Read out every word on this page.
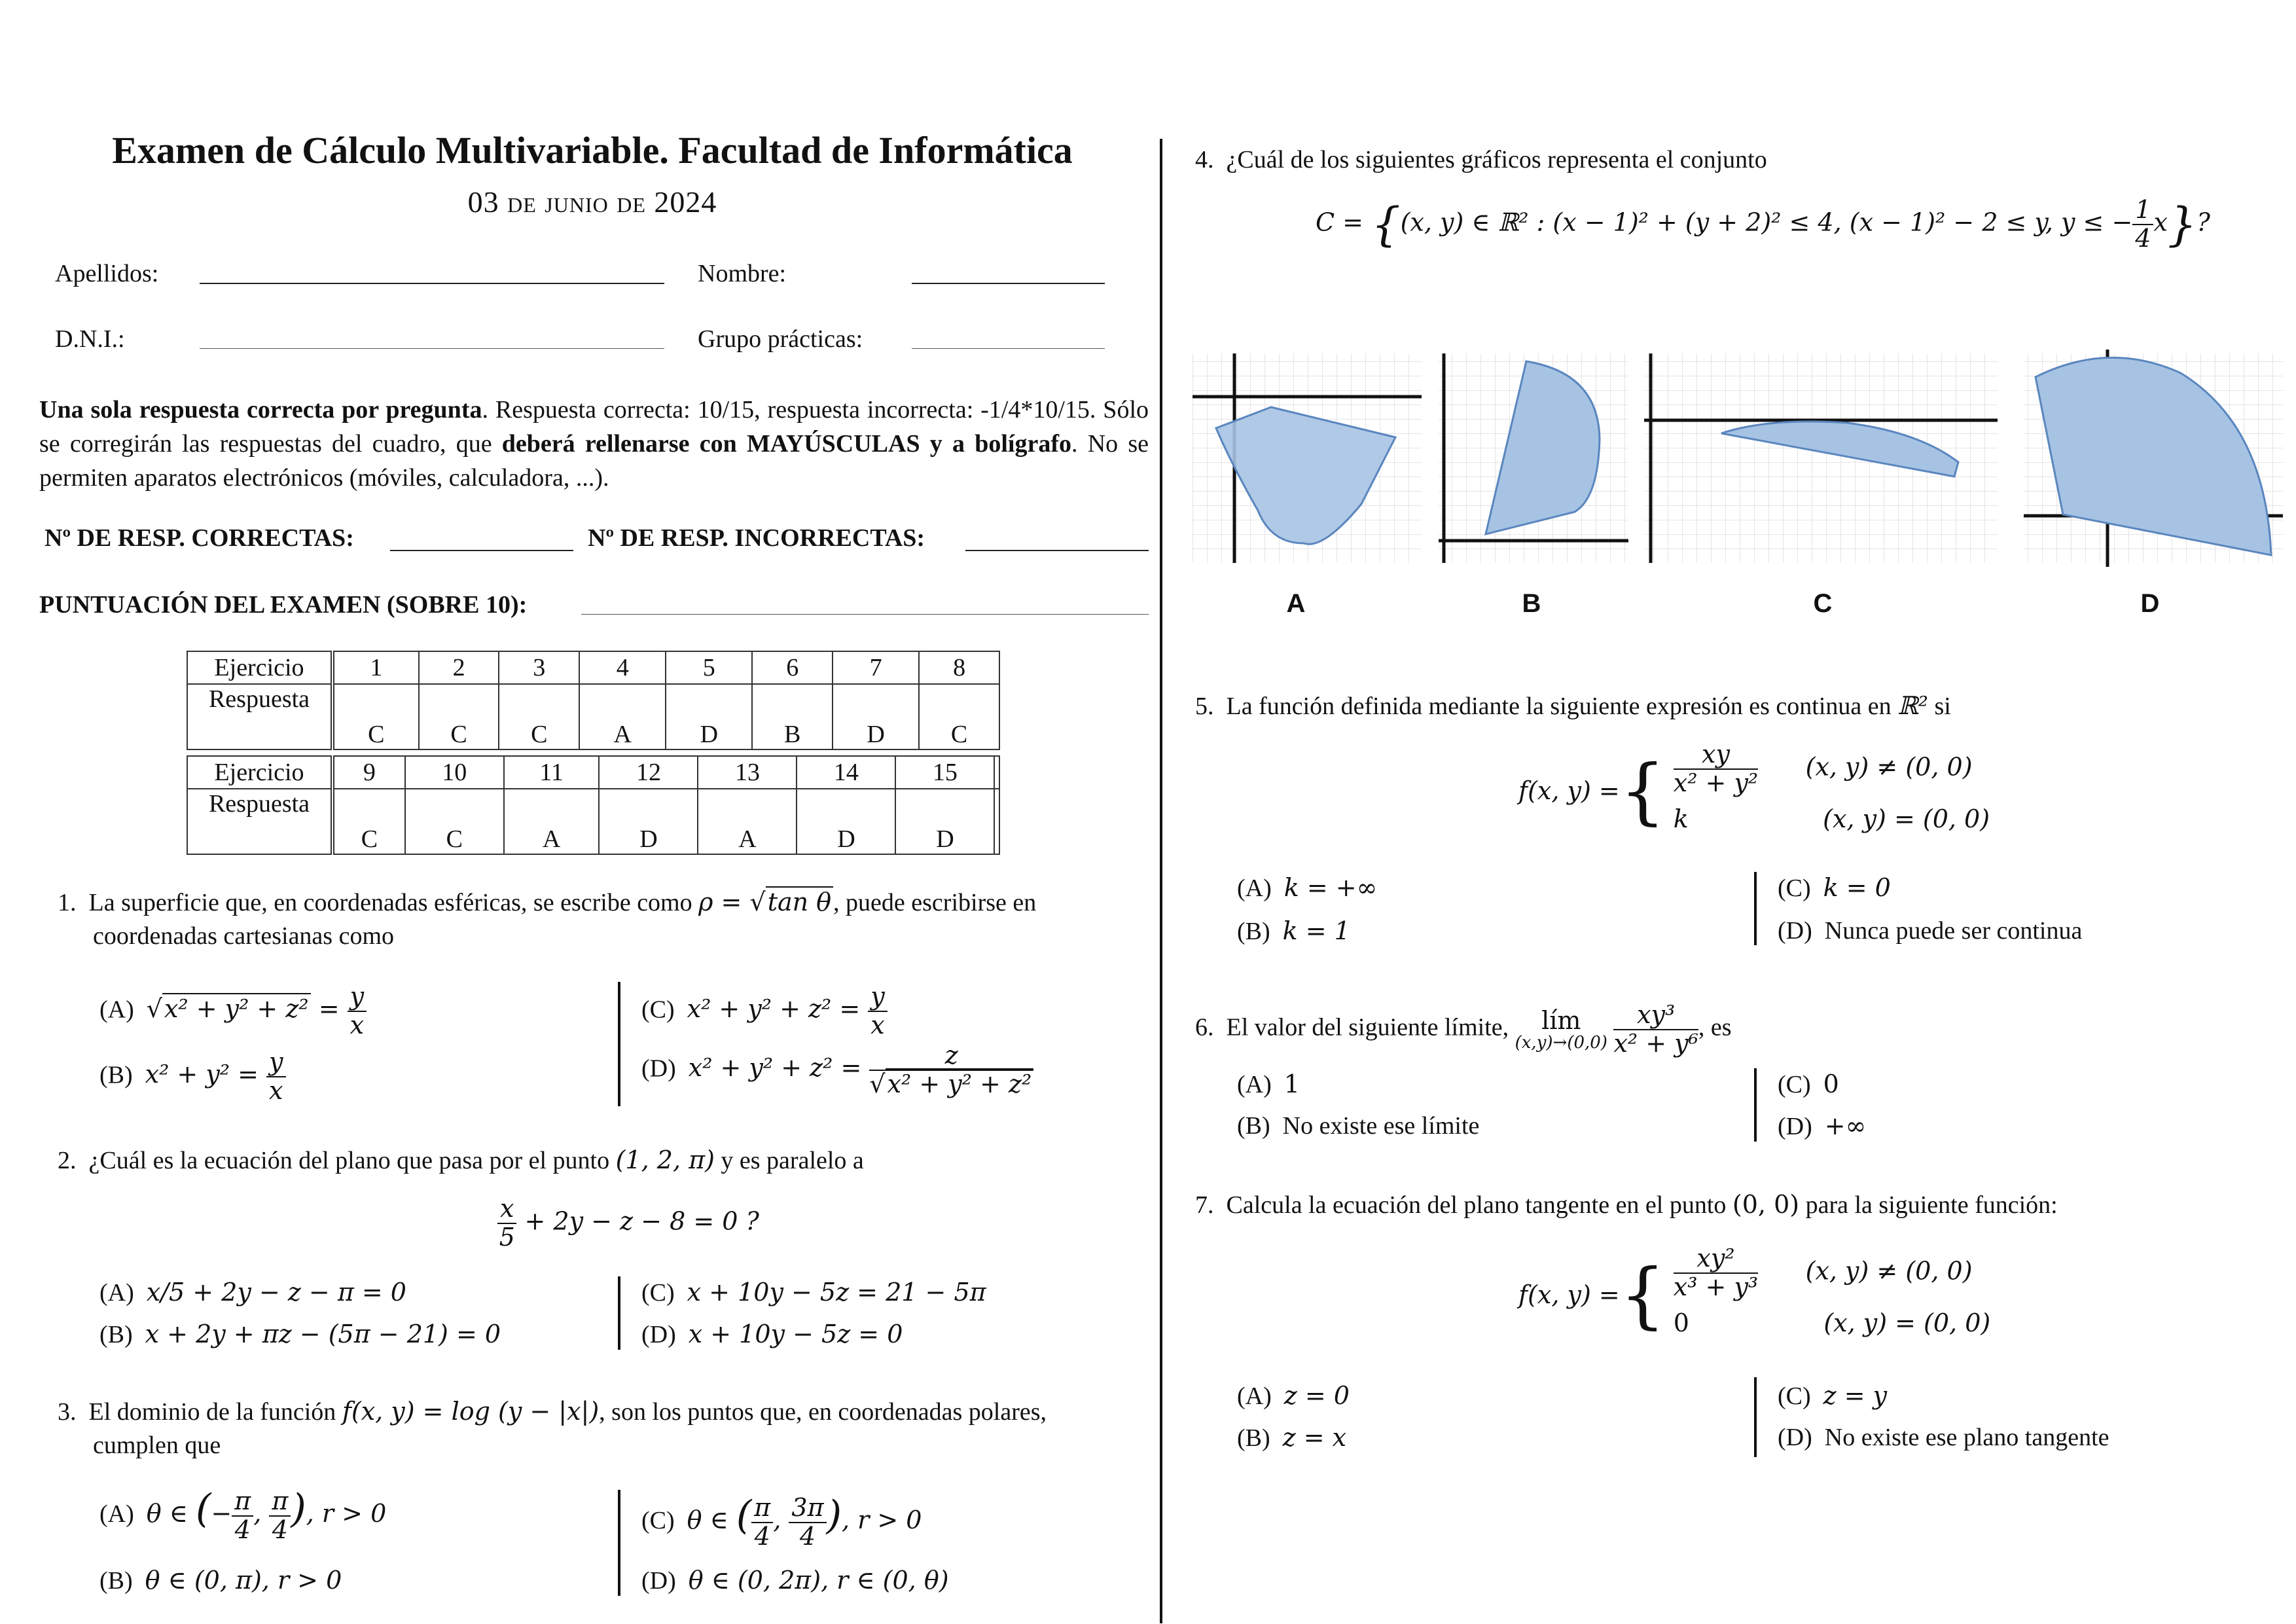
Examen de Cálculo Multivariable. Facultad de Informática
03 de junio de 2024
Apellidos:	Nombre:
D.N.I.:	Grupo prácticas:
Una sola respuesta correcta por pregunta. Respuesta correcta: 10/15, respuesta incorrecta: -1/4*10/15. Sólo se corregirán las respuestas del cuadro, que deberá rellenarse con MAYÚSCULAS y a bolígrafo. No se permiten aparatos electrónicos (móviles, calculadora, ...).
Nº DE RESP. CORRECTAS:	Nº DE RESP. INCORRECTAS:
PUNTUACIÓN DEL EXAMEN (SOBRE 10):
Ejercicio	1	2	3	4	5	6	7	8
Respuesta	C	C	C	A	D	B	D	C
Ejercicio	9	10	11	12	13	14	15	
Respuesta	C	C	A	D	A	D	D	
1. La superficie que, en coordenadas esféricas, se escribe como ρ = √tan θ, puede escribirse en
coordenadas cartesianas como
(A) $√x^2 + y^2 + z^2 = \frac{y}{x}$
(B) $x^2 + y^2 = \frac{y}{x}$
(C) $x^2 + y^2 + z^2 = \frac{y}{x}$
(D) $x^2 + y^2 + z^2 = \frac{z}{\text{√x² + y² + z²}}$
2. ¿Cuál es la ecuación del plano que pasa por el punto (1, 2, π) y es paralelo a
$\frac{x}{5} + 2y - z - 8 = 0$ ?
(A) x/5 + 2y − z − π = 0
(B) x + 2y + πz − (5π − 21) = 0
(C) x + 10y − 5z = 21 − 5π
(D) x + 10y − 5z = 0
3. El dominio de la función f(x, y) = log (y − |x|), son los puntos que, en coordenadas polares,
cumplen que
(A) θ ∈ (− $\frac{\pi}{4}$ , $\frac{\pi}{4}$ ), r > 0
(B) θ ∈ (0, π), r > 0
(C) θ ∈ ( $\frac{\pi}{4}$ , $\frac{3\pi}{4}$ ), r > 0
(D) θ ∈ (0, 2π), r ∈ (0, θ)
4. ¿Cuál de los siguientes gráficos representa el conjunto
C = {(x, y) ∈ ℝ² : (x − 1)² + (y + 2)² ≤ 4, (x − 1)² − 2 ≤ y, y ≤ − $\frac{1}{4} x$}?
A	B	C	D
5. La función definida mediante la siguiente expresión es continua en ℝ² si
f(x, y) ={ $\frac{xy}{\text{x² + y²}} (x$, y) ≠ (0, 0)
k                 (x, y) = (0, 0)
(A) k = +∞
(B) k = 1
(C) k = 0
(D) Nunca puede ser continua
6. El valor del siguiente límite,	lím
(x,y)→(0,0)
$\frac{\text{xy³}}{\text{x² + y⁶}}$ , es
(A) 1
(B) No existe ese límite
(C) 0
(D) +∞
7. Calcula la ecuación del plano tangente en el punto (0, 0) para la siguiente función:
f(x, y) ={ $\frac{\text{xy²}}{\text{x³ + y³}} (x$, y) ≠ (0, 0)
0                 (x, y) = (0, 0)
(A) z = 0
(B) z = x
(C) z = y
(D) No existe ese plano tangente
